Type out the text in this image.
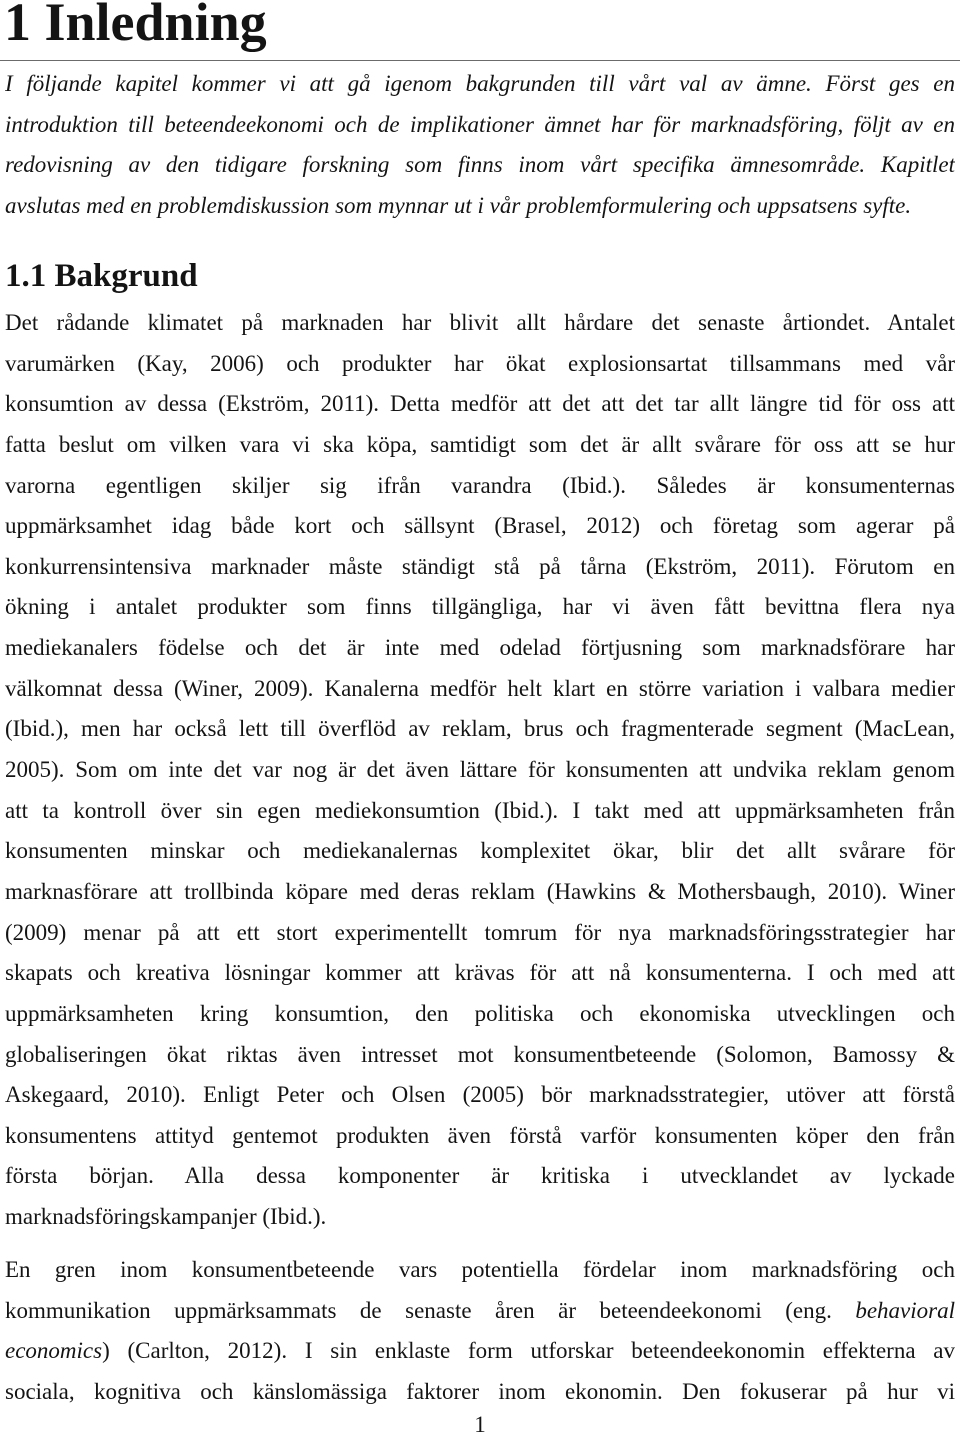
1 Inledning
I följande kapitel kommer vi att gå igenom bakgrunden till vårt val av ämne. Först ges en
introduktion till beteendeekonomi och de implikationer ämnet har för marknadsföring, följt av en
redovisning av den tidigare forskning som finns inom vårt specifika ämnesområde. Kapitlet
avslutas med en problemdiskussion som mynnar ut i vår problemformulering och uppsatsens syfte.
1.1 Bakgrund
Det rådande klimatet på marknaden har blivit allt hårdare det senaste årtiondet. Antalet
varumärken (Kay, 2006) och produkter har ökat explosionsartat tillsammans med vår
konsumtion av dessa (Ekström, 2011). Detta medför att det att det tar allt längre tid för oss att
fatta beslut om vilken vara vi ska köpa, samtidigt som det är allt svårare för oss att se hur
varorna egentligen skiljer sig ifrån varandra (Ibid.). Således är konsumenternas
uppmärksamhet idag både kort och sällsynt (Brasel, 2012) och företag som agerar på
konkurrensintensiva marknader måste ständigt stå på tårna (Ekström, 2011). Förutom en
ökning i antalet produkter som finns tillgängliga, har vi även fått bevittna flera nya
mediekanalers födelse och det är inte med odelad förtjusning som marknadsförare har
välkomnat dessa (Winer, 2009). Kanalerna medför helt klart en större variation i valbara medier
(Ibid.), men har också lett till överflöd av reklam, brus och fragmenterade segment (MacLean,
2005). Som om inte det var nog är det även lättare för konsumenten att undvika reklam genom
att ta kontroll över sin egen mediekonsumtion (Ibid.). I takt med att uppmärksamheten från
konsumenten minskar och mediekanalernas komplexitet ökar, blir det allt svårare för
marknasförare att trollbinda köpare med deras reklam (Hawkins & Mothersbaugh, 2010). Winer
(2009) menar på att ett stort experimentellt tomrum för nya marknadsföringsstrategier har
skapats och kreativa lösningar kommer att krävas för att nå konsumenterna. I och med att
uppmärksamheten kring konsumtion, den politiska och ekonomiska utvecklingen och
globaliseringen ökat riktas även intresset mot konsumentbeteende (Solomon, Bamossy &
Askegaard, 2010). Enligt Peter och Olsen (2005) bör marknadsstrategier, utöver att förstå
konsumentens attityd gentemot produkten även förstå varför konsumenten köper den från
första början. Alla dessa komponenter är kritiska i utvecklandet av lyckade
marknadsföringskampanjer (Ibid.).
En gren inom konsumentbeteende vars potentiella fördelar inom marknadsföring och
kommunikation uppmärksammats de senaste åren är beteendeekonomi (eng. behavioral
economics) (Carlton, 2012). I sin enklaste form utforskar beteendeekonomin effekterna av
sociala, kognitiva och känslomässiga faktorer inom ekonomin. Den fokuserar på hur vi
1
